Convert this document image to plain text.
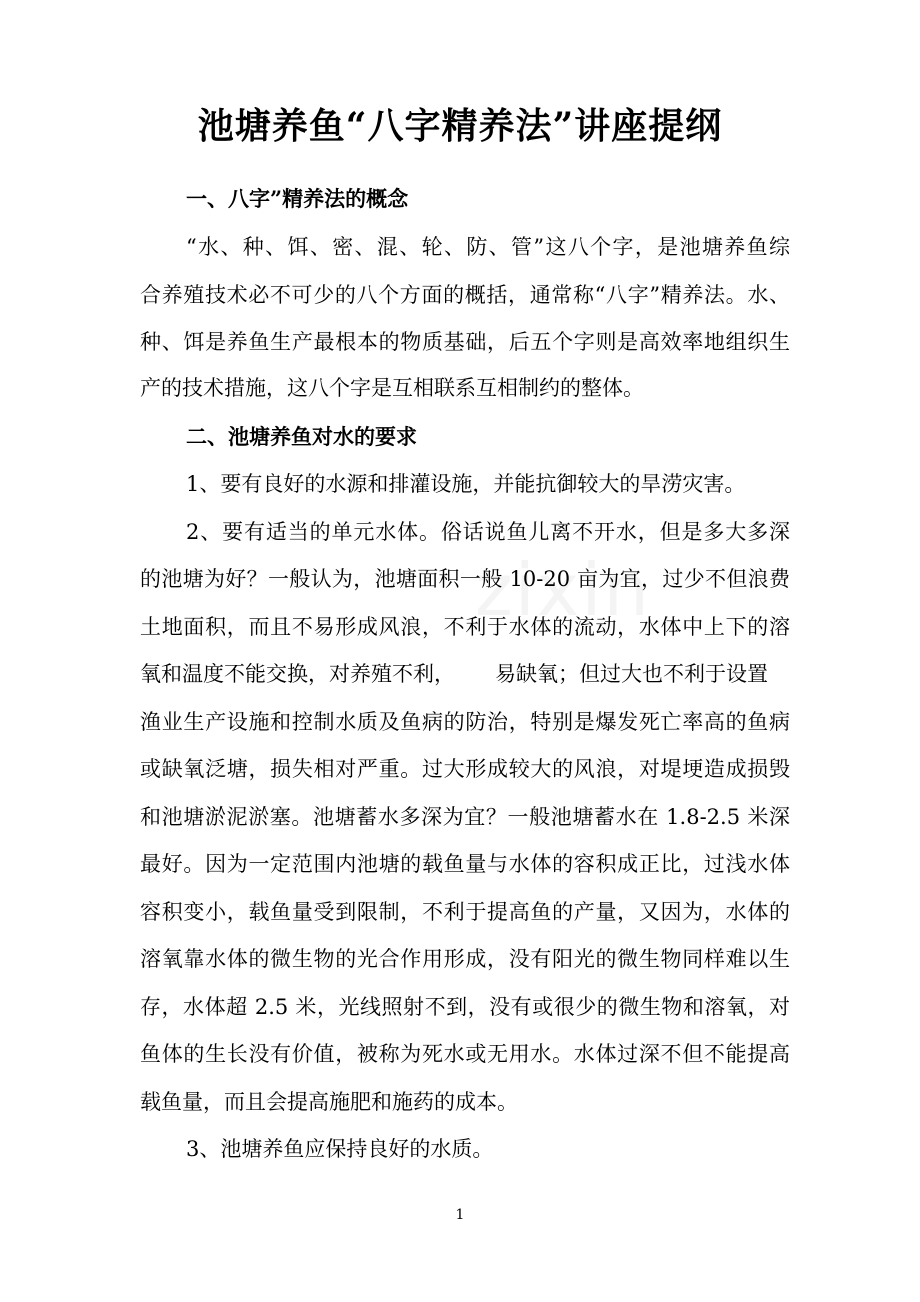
zixin
池塘养鱼“八字精养法”讲座提纲
一、八字”精养法的概念
“水、种、饵、密、混、轮、防、管”这八个字，是池塘养鱼综
合养殖技术必不可少的八个方面的概括，通常称“八字”精养法。水、
种、饵是养鱼生产最根本的物质基础，后五个字则是高效率地组织生
产的技术措施，这八个字是互相联系互相制约的整体。
二、池塘养鱼对水的要求
1、要有良好的水源和排灌设施，并能抗御较大的旱涝灾害。
2、要有适当的单元水体。俗话说鱼儿离不开水，但是多大多深
的池塘为好？一般认为，池塘面积一般 10-20 亩为宜，过少不但浪费
土地面积，而且不易形成风浪，不利于水体的流动，水体中上下的溶
氧和温度不能交换，对养殖不利，      易缺氧；但过大也不利于设置
渔业生产设施和控制水质及鱼病的防治，特别是爆发死亡率高的鱼病
或缺氧泛塘，损失相对严重。过大形成较大的风浪，对堤埂造成损毁
和池塘淤泥淤塞。池塘蓄水多深为宜？一般池塘蓄水在 1.8-2.5 米深
最好。因为一定范围内池塘的载鱼量与水体的容积成正比，过浅水体
容积变小，载鱼量受到限制，不利于提高鱼的产量，又因为，水体的
溶氧靠水体的微生物的光合作用形成，没有阳光的微生物同样难以生
存，水体超 2.5 米，光线照射不到，没有或很少的微生物和溶氧，对
鱼体的生长没有价值，被称为死水或无用水。水体过深不但不能提高
载鱼量，而且会提高施肥和施药的成本。
3、池塘养鱼应保持良好的水质。
1
